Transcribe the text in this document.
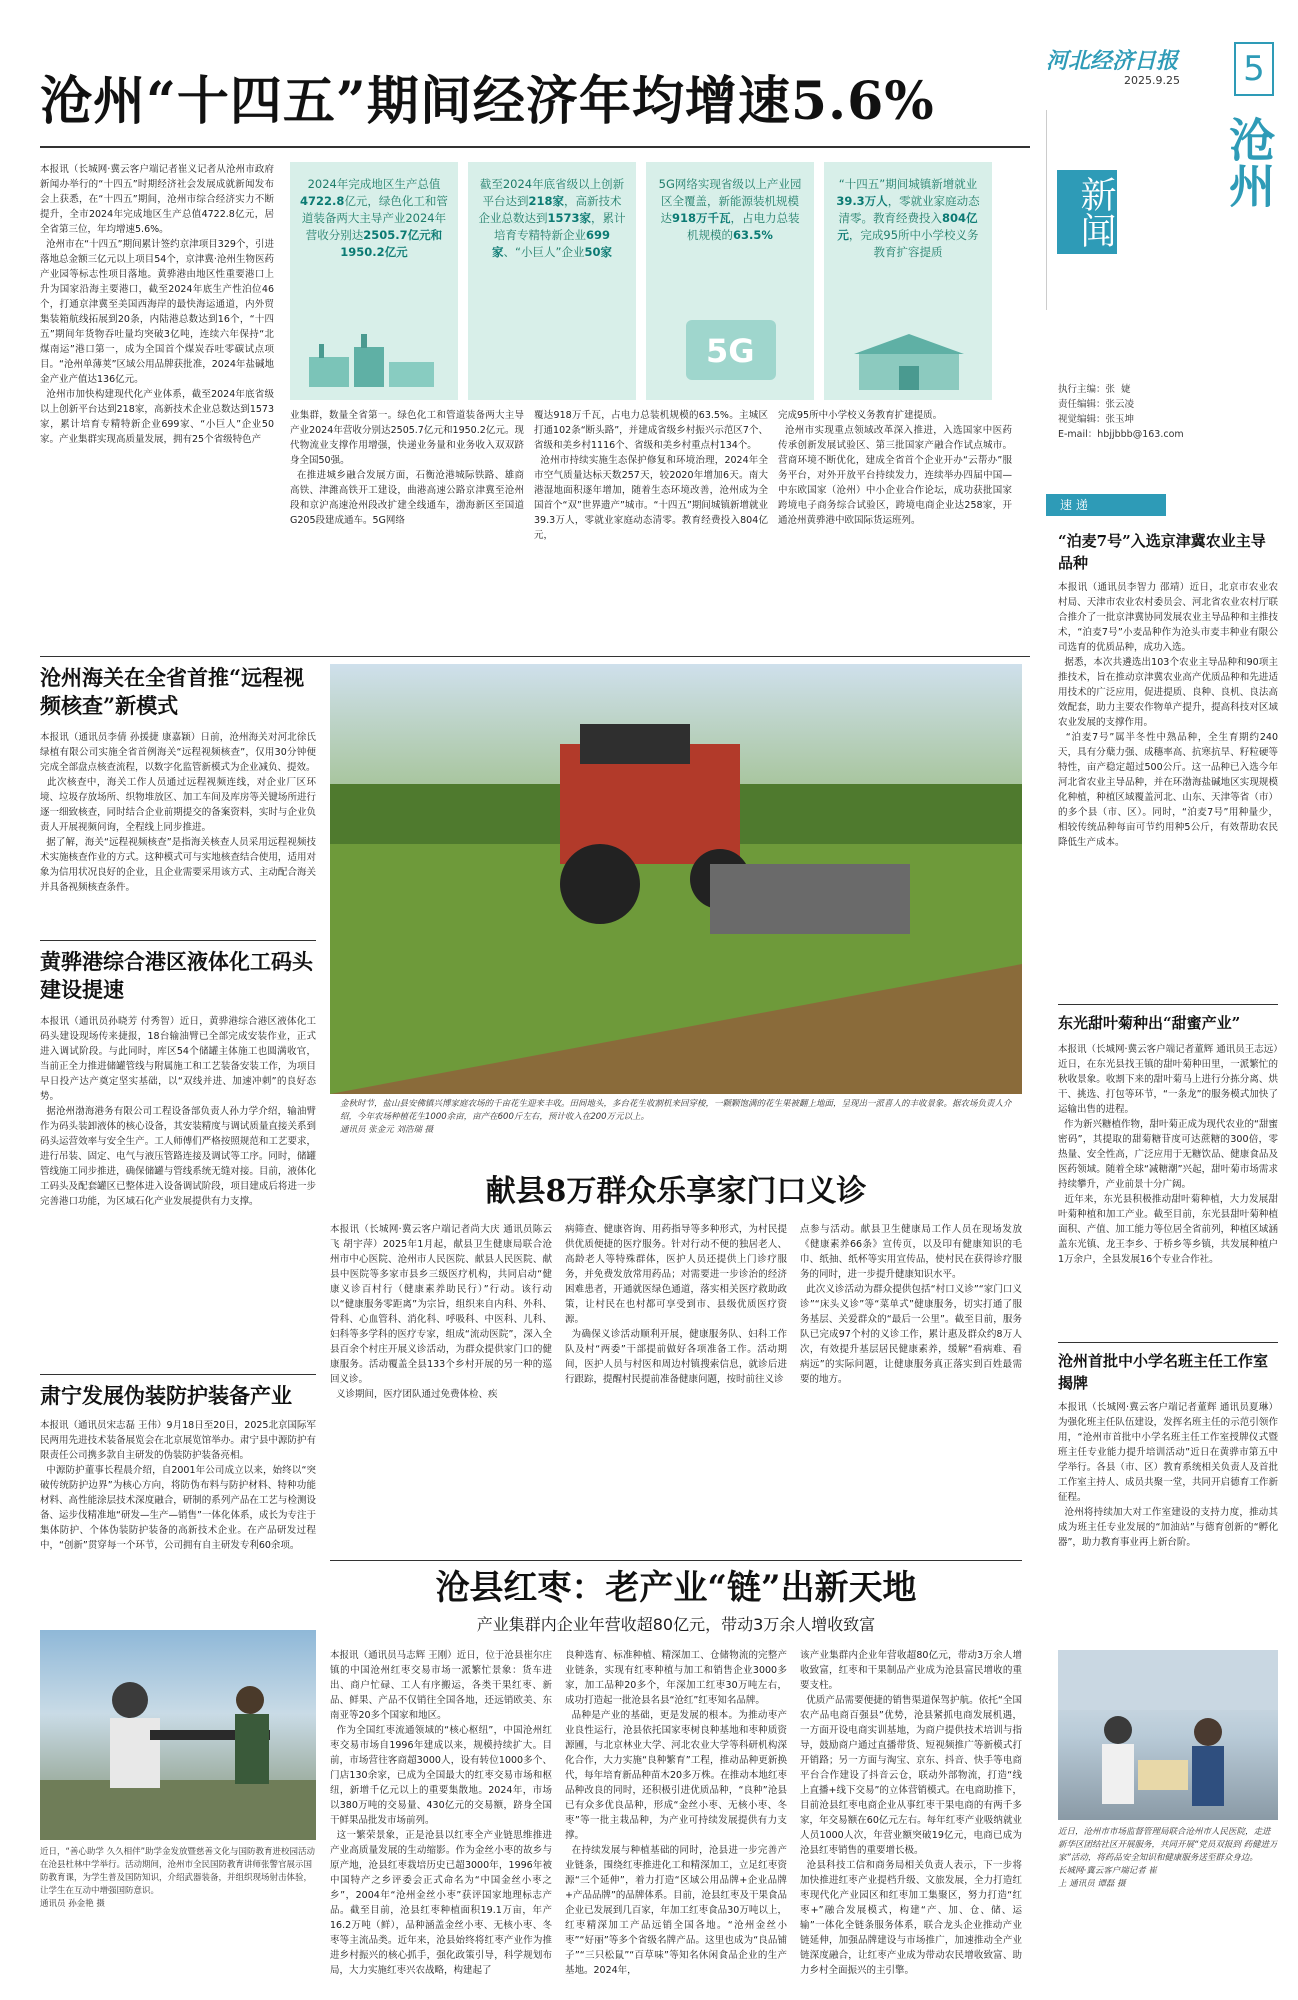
河北经济日报
2025.9.25 5
沧州“十四五”期间经济年均增速5.6%
本报讯（长城网·冀云客户端记者崔义记者从沧州市政府新闻办举行的“十四五”时期经济社会发展成就新闻发布会上获悉，在“十四五”期间，沧州市综合经济实力不断提升，全市2024年完成地区生产总值4722.8亿元，居全省第三位，年均增速5.6%。
沧州市在“十四五”期间累计签约京津项目329个，引进落地总金额三亿元以上项目54个，京津冀·沧州生物医药产业园等标志性项目落地。黄骅港由地区性重要港口上升为国家沿海主要港口，截至2024年底生产性泊位46个，打通京津冀至美国西海岸的最快海运通道，内外贸集装箱航线拓展到20条，内陆港总数达到16个，“十四五”期间年货物吞吐量均突破3亿吨，连续六年保持“北煤南运”港口第一，成为全国首个煤炭吞吐零碳试点项目。“沧州单薄荚”区域公用品牌获批准，2024年盐碱地金产业产值达136亿元。
沧州市加快构建现代化产业体系，截至2024年底省级以上创新平台达到218家，高新技术企业总数达到1573家，累计培育专精特新企业699家、“小巨人”企业50家。产业集群实现高质量发展，拥有25个省级特色产
2024年完成地区生产总值4722.8亿元，绿色化工和管道装备两大主导产业2024年营收分别达2505.7亿元和
1950.2亿元
截至2024年底省级以上创新平台达到218家，高新技术企业总数达到1573家，累计培育专精特新企业699家、“小巨人”企业50家
5G网络实现省级以上产业园区全覆盖，新能源装机规模达918万千瓦，占电力总装机规模的63.5%
5G
“十四五”期间城镇新增就业39.3万人，零就业家庭动态清零。教育经费投入804亿元，完成95所中小学校义务教育扩容提质
业集群，数量全省第一。绿色化工和管道装备两大主导产业2024年营收分别达2505.7亿元和1950.2亿元。现代物流业支撑作用增强，快递业务量和业务收入双双跻身全国50强。
在推进城乡融合发展方面，石衡沧港城际铁路、雄商高铁、津潍高铁开工建设，曲港高速公路京津冀至沧州段和京沪高速沧州段改扩建全线通车，渤海新区至国道G205段建成通车。5G网络
覆达918万千瓦，占电力总装机规模的63.5%。主城区打通102条“断头路”，并建成省级乡村振兴示范区7个、省级和美乡村1116个、省级和美乡村重点村134个。
沧州市持续实施生态保护修复和环境治理，2024年全市空气质量达标天数257天，较2020年增加6天。南大港湿地面积逐年增加，随着生态环境改善，沧州成为全国首个“双”世界遗产”城市。“十四五”期间城镇新增就业39.3万人，零就业家庭动态清零。教育经费投入804亿元，
完成95所中小学校义务教育扩建提质。
沧州市实现重点领域改革深入推进，入选国家中医药传承创新发展试验区、第三批国家产融合作试点城市。营商环境不断优化，建成全省首个企业开办“云帮办”服务平台，对外开放平台持续发力，连续举办四届中国—中东欧国家（沧州）中小企业合作论坛，成功获批国家跨境电子商务综合试验区，跨境电商企业达258家，开通沧州黄骅港中欧国际货运班列。
沧州海关在全省首推“远程视频核查”新模式
本报讯（通讯员李倩 孙援捷 康嘉颖）日前，沧州海关对河北徐氏绿植有限公司实施全省首例海关“远程视频核查”，仅用30分钟便完成全部盘点核查流程，以数字化监管新模式为企业减负、提效。
此次核查中，海关工作人员通过远程视频连线，对企业厂区环境、垃圾存放场所、织物堆放区、加工车间及库房等关键场所进行逐一细致核查，同时结合企业前期提交的备案资料，实时与企业负责人开展视频问询，全程线上同步推进。
据了解，海关“远程视频核查”是指海关核查人员采用远程视频技术实施核查作业的方式。这种模式可与实地核查结合使用，适用对象为信用状况良好的企业，且企业需要采用该方式、主动配合海关并具备视频核查条件。
黄骅港综合港区液体化工码头建设提速
本报讯（通讯员孙晓芳 付秀智）近日，黄骅港综合港区液体化工码头建设现场传来捷报，18台输油臂已全部完成安装作业，正式进入调试阶段。与此同时，库区54个储罐主体施工也圆满收官，当前正全力推进储罐管线与附属施工和工艺装备安装工作，为项目早日投产达产奠定坚实基础，以“双线并进、加速冲刺”的良好态势。
据沧州渤海港务有限公司工程设备部负责人孙力学介绍，输油臂作为码头装卸液体的核心设备，其安装精度与调试质量直接关系到码头运营效率与安全生产。工人师傅们严格按照规范和工艺要求，进行吊装、固定、电气与液压管路连接及调试等工序。同时，储罐管线施工同步推进，确保储罐与管线系统无缝对接。目前，液体化工码头及配套罐区已整体进入设备调试阶段，项目建成后将进一步完善港口功能，为区域石化产业发展提供有力支撑。
肃宁发展伪装防护装备产业
本报讯（通讯员宋志磊 王伟）9月18日至20日，2025北京国际军民两用先进技术装备展览会在北京展览馆举办。肃宁县中源防护有限责任公司携多款自主研发的伪装防护装备亮相。
中源防护董事长程晨介绍，自2001年公司成立以来，始终以“突破传统防护边界”为核心方向，将防伪布料与防护材料、特种功能材料、高性能涂层技术深度融合，研制的系列产品在工艺与检测设备、运步伐精准地“研发—生产—销售”一体化体系，成长为专注于集体防护、个体伪装防护装备的高新技术企业。在产品研发过程中，“创新”贯穿每一个环节，公司拥有自主研发专利60余项。
近日，“善心助学 久久相伴”助学金发放暨慈善文化与国防教育进校园活动在沧县杜林中学举行。活动期间，沧州市全民国防教育讲师张警官展示国防教育课，为学生普及国防知识，介绍武器装备，并组织现场射击体验，让学生在互动中增强国防意识。
通讯员 孙金艳 摄
金秋时节，盐山县安佛镇兴博家庭农场的千亩花生迎来丰收。田间地头，多台花生收割机来回穿梭，一颗颗饱满的花生果被翻上地面，呈现出一派喜人的丰收景象。据农场负责人介绍，今年农场种植花生1000余亩，亩产在600斤左右，预计收入在200万元以上。
通讯员 张金元 刘浩瑞 摄
献县8万群众乐享家门口义诊
本报讯（长城网·冀云客户端记者尚大庆 通讯员陈云飞 胡宇萍）2025年1月起，献县卫生健康局联合沧州市中心医院、沧州市人民医院、献县人民医院、献县中医院等多家市县乡三级医疗机构，共同启动“健康义诊百村行（健康素养助民行）”行动。该行动以“健康服务零距离”为宗旨，组织来自内科、外科、骨科、心血管科、消化科、呼吸科、中医科、儿科、妇科等多学科的医疗专家，组成“流动医院”，深入全县百余个村庄开展义诊活动，为群众提供家门口的健康服务。活动覆盖全县133个乡村开展的另一种的巡回义诊。
义诊期间，医疗团队通过免费体检、疾
病筛查、健康咨询、用药指导等多种形式，为村民提供优质便捷的医疗服务。针对行动不便的独居老人、高龄老人等特殊群体，医护人员还提供上门诊疗服务，并免费发放常用药品；对需要进一步诊治的经济困难患者，开通就医绿色通道，落实相关医疗救助政策，让村民在也村都可享受到市、县级优质医疗资源。
为确保义诊活动顺利开展，健康服务队、妇科工作队及村“两委”干部提前做好各项准备工作。活动期间，医护人员与村医和周边村镇搜索信息，就诊后进行跟踪，提醒村民提前准备健康问题，按时前往义诊
点参与活动。献县卫生健康局工作人员在现场发放《健康素养66条》宣传页，以及印有健康知识的毛巾、纸抽、纸杯等实用宣传品，使村民在获得诊疗服务的同时，进一步提升健康知识水平。
此次义诊活动为群众提供包括“村口义诊”“家门口义诊”“床头义诊”等“菜单式”健康服务，切实打通了服务基层、关爱群众的“最后一公里”。截至目前，服务队已完成97个村的义诊工作，累计惠及群众约8万人次，有效提升基层居民健康素养，缓解“看病难、看病远”的实际问题，让健康服务真正落实到百姓最需要的地方。
沧县红枣：老产业“链”出新天地
产业集群内企业年营收超80亿元，带动3万余人增收致富
本报讯（通讯员马志辉 王刚）近日，位于沧县崔尔庄镇的中国沧州红枣交易市场一派繁忙景象：货车进出、商户忙碌、工人有序搬运，各类干果红枣、新品、鲜果、产品不仅销往全国各地，还远销欧美、东南亚等20多个国家和地区。
作为全国红枣流通领域的“核心枢纽”，中国沧州红枣交易市场自1996年建成以来，规模持续扩大。目前，市场营往客商超3000人，设有转位1000多个、门店130余家，已成为全国最大的红枣交易市场和枢纽，新增千亿元以上的重要集散地。2024年，市场以380万吨的交易量、430亿元的交易额，跻身全国干鲜果品批发市场前列。
这一繁荣景象，正是沧县以红枣全产业链思维推进产业高质量发展的生动缩影。作为金丝小枣的故乡与原产地，沧县红枣栽培历史已超3000年，1996年被中国特产之乡评委会正式命名为“中国金丝小枣之乡”，2004年“沧州金丝小枣”获评国家地理标志产品。截至目前，沧县红枣种植面积19.1万亩，年产16.2万吨（鲜），品种涵盖金丝小枣、无核小枣、冬枣等主流品类。近年来，沧县始终将红枣产业作为推进乡村振兴的核心抓手，强化政策引导，科学规划布局，大力实施红枣兴农战略，构建起了
良种选育、标准种植、精深加工、仓储物流的完整产业链条，实现有红枣种植与加工和销售企业3000多家，加工品种20多个，年深加工红枣30万吨左右，成功打造起一批沧县名县“沧红”红枣知名品牌。
品种是产业的基础，更是发展的根本。为推动枣产业良性运行，沧县依托国家枣树良种基地和枣种质资源圃，与北京林业大学、河北农业大学等科研机构深化合作，大力实施“良种繁育”工程，推动品种更新换代，每年培育新品种苗木20多万株。在推动本地红枣品种改良的同时，还积极引进优质品种，“良种”沧县已有众多优良品种，形成“金丝小枣、无核小枣、冬枣”等一批主栽品种，为产业可持续发展提供有力支撑。
在持续发展与种植基础的同时，沧县进一步完善产业链条，围绕红枣推进化工和精深加工，立足红枣资源“三个延伸”，着力打造“区域公用品牌+企业品牌+产品品牌”的品牌体系。目前，沧县红枣及干果食品企业已发展到几百家，年加工红枣食品30万吨以上，红枣精深加工产品远销全国各地。“沧州金丝小枣”“好丽”等多个省级名牌产品。这里也成为“良品铺子”“三只松鼠”“百草味”等知名休闲食品企业的生产基地。2024年，
该产业集群内企业年营收超80亿元，带动3万余人增收致富，红枣和干果制品产业成为沧县富民增收的重要支柱。
优质产品需要便捷的销售渠道保驾护航。依托“全国农产品电商百强县”优势，沧县紧抓电商发展机遇，一方面开设电商实训基地，为商户提供技术培训与指导，鼓励商户通过直播带货、短视频推广等新模式打开销路；另一方面与淘宝、京东、抖音、快手等电商平台合作建设了抖音云仓，联动外部物流，打造“线上直播+线下交易”的立体营销模式。在电商助推下，目前沧县红枣电商企业从事红枣干果电商的有两千多家，年交易额在60亿元左右。每年红枣产业吸纳就业人员1000人次，年营业额突破19亿元，电商已成为沧县红枣销售的重要增长极。
沧县科技工信和商务局相关负责人表示，下一步将加快推进红枣产业提档升级、文旅发展，全力打造红枣现代化产业园区和红枣加工集聚区，努力打造“红枣+”融合发展模式，构建“产、加、仓、储、运输”一体化全链条服务体系，联合龙头企业推动产业链延伸，加强品牌建设与市场推广，加速推动全产业链深度融合，让红枣产业成为带动农民增收致富、助力乡村全面振兴的主引擎。
沧州
新闻
执行主编：张  婕
责任编辑：张云凌
视觉编辑：张玉坤
E-mail：hbjjbbb@163.com
速 递
“泊麦7号”入选京津冀农业主导品种
本报讯（通讯员李智力 邵靖）近日，北京市农业农村局、天津市农业农村委员会、河北省农业农村厅联合推介了一批京津冀协同发展农业主导品种和主推技术，“泊麦7号”小麦品种作为沧头市麦丰种业有限公司选育的优质品种，成功入选。
据悉，本次共遴选出103个农业主导品种和90项主推技术，旨在推动京津冀农业高产优质品种和先进适用技术的广泛应用，促进提质、良种、良机、良法高效配套，助力主要农作物单产提升，提高科技对区域农业发展的支撑作用。
“泊麦7号”属半冬性中熟品种，全生育期约240天，具有分蘖力强、成穗率高、抗寒抗旱、籽粒硬等特性，亩产稳定超过500公斤。这一品种已入选今年河北省农业主导品种，并在环渤海盐碱地区实现规模化种植，种植区域覆盖河北、山东、天津等省（市）的多个县（市、区）。同时，“泊麦7号”用种量少，相较传统品种每亩可节约用种5公斤，有效帮助农民降低生产成本。
东光甜叶菊种出“甜蜜产业”
本报讯（长城网·冀云客户端记者董辉 通讯员王志远）近日，在东光县找王镇的甜叶菊种田里，一派繁忙的秋收景象。收割下来的甜叶菊马上进行分拣分离、烘干、挑选、打包等环节，“一条龙”的服务模式加快了运输出售的进程。
作为新兴糖植作物，甜叶菊正成为现代农业的“甜蜜密码”，其提取的甜菊糖苷度可达蔗糖的300倍，零热量、安全性高，广泛应用于无糖饮品、健康食品及医药领域。随着全球“减糖潮”兴起，甜叶菊市场需求持续攀升，产业前景十分广阔。
近年来，东光县积极推动甜叶菊种植，大力发展甜叶菊种植和加工产业。截至目前，东光县甜叶菊种植面积、产值、加工能力等位居全省前列，种植区域涵盖东光镇、龙王李乡、于桥乡等乡镇，共发展种植户1万余户，全县发展16个专业合作社。
沧州首批中小学名班主任工作室揭牌
本报讯（长城网·冀云客户端记者董辉 通讯员夏琳）为强化班主任队伍建设，发挥名班主任的示范引领作用，“沧州市首批中小学名班主任工作室授牌仪式暨班主任专业能力提升培训活动”近日在黄骅市第五中学举行。各县（市、区）教育系统相关负责人及首批工作室主持人、成员共聚一堂，共同开启德育工作新征程。
沧州将持续加大对工作室建设的支持力度，推动其成为班主任专业发展的“加油站”与德育创新的“孵化器”，助力教育事业再上新台阶。
近日，沧州市市场监督管理局联合沧州市人民医院，走进新华区团结社区开展服务，共同开展“党员双报到 药健进万家”活动，将药品安全知识和健康服务送至群众身边。
长城网·冀云客户端记者 崔
上 通讯员 谭磊 摄
